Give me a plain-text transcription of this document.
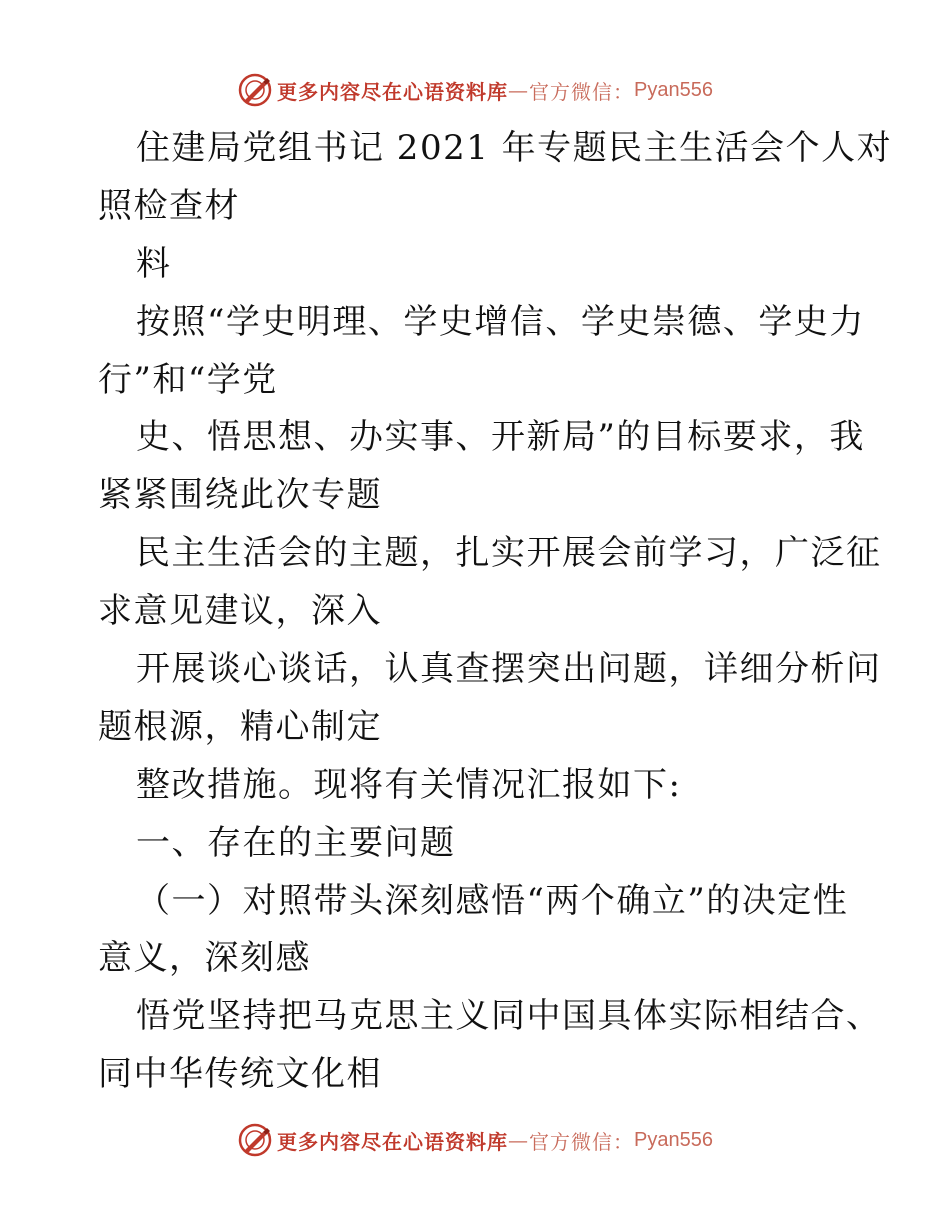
更多内容尽在心语资料库 — 官方微信： Pyan556
住建局党组书记 2021 年专题民主生活会个人对
照检查材
料
按照“学史明理、学史增信、学史崇德、学史力
行”和“学党
史、悟思想、办实事、开新局”的目标要求，我
紧紧围绕此次专题
民主生活会的主题，扎实开展会前学习，广泛征
求意见建议，深入
开展谈心谈话，认真查摆突出问题，详细分析问
题根源，精心制定
整改措施。现将有关情况汇报如下:
一、存在的主要问题
（一）对照带头深刻感悟“两个确立”的决定性
意义，深刻感
悟党坚持把马克思主义同中国具体实际相结合、
同中华传统文化相
更多内容尽在心语资料库 — 官方微信： Pyan556
